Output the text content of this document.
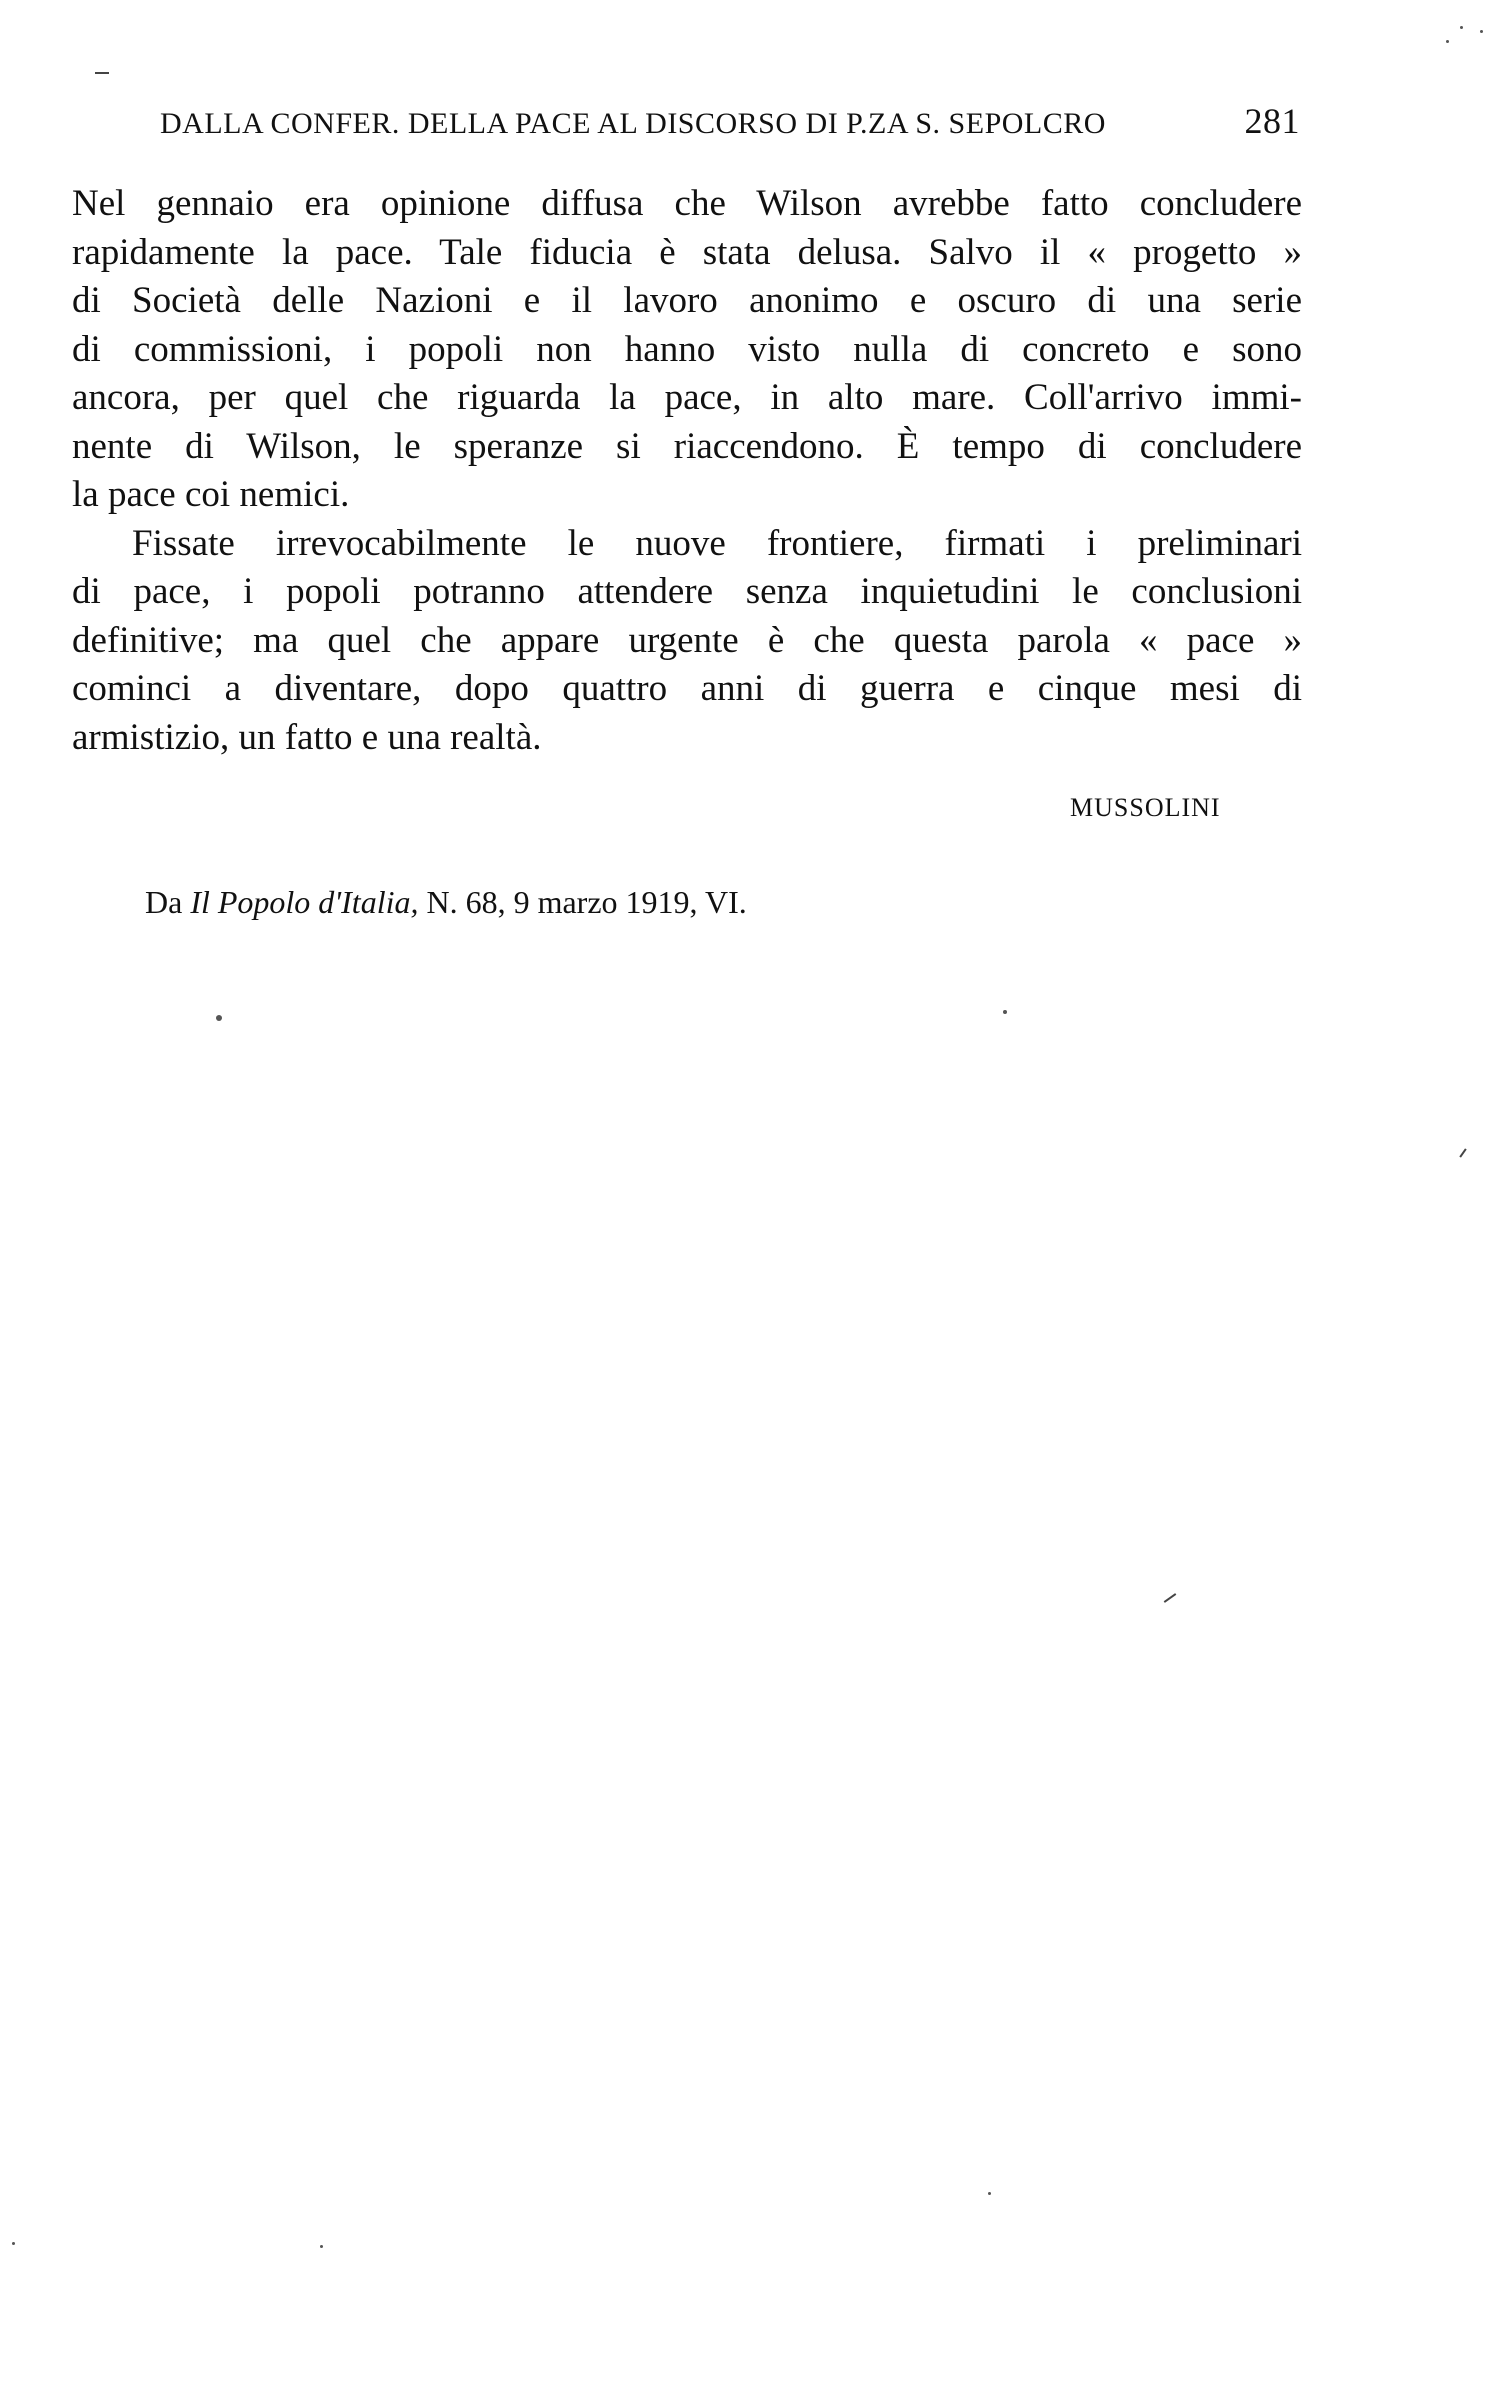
DALLA CONFER. DELLA PACE AL DISCORSO DI P.ZA S. SEPOLCRO	281
Nel gennaio era opinione diffusa che Wilson avrebbe fatto concludere
rapidamente la pace. Tale fiducia è stata delusa. Salvo il « progetto »
di Società delle Nazioni e il lavoro anonimo e oscuro di una serie
di commissioni, i popoli non hanno visto nulla di concreto e sono
ancora, per quel che riguarda la pace, in alto mare. Coll'arrivo immi-
nente di Wilson, le speranze si riaccendono. È tempo di concludere
la pace coi nemici.
Fissate irrevocabilmente le nuove frontiere, firmati i preliminari
di pace, i popoli potranno attendere senza inquietudini le conclusioni
definitive; ma quel che appare urgente è che questa parola « pace »
cominci a diventare, dopo quattro anni di guerra e cinque mesi di
armistizio, un fatto e una realtà.
MUSSOLINI
Da Il Popolo d'Italia, N. 68, 9 marzo 1919, VI.
